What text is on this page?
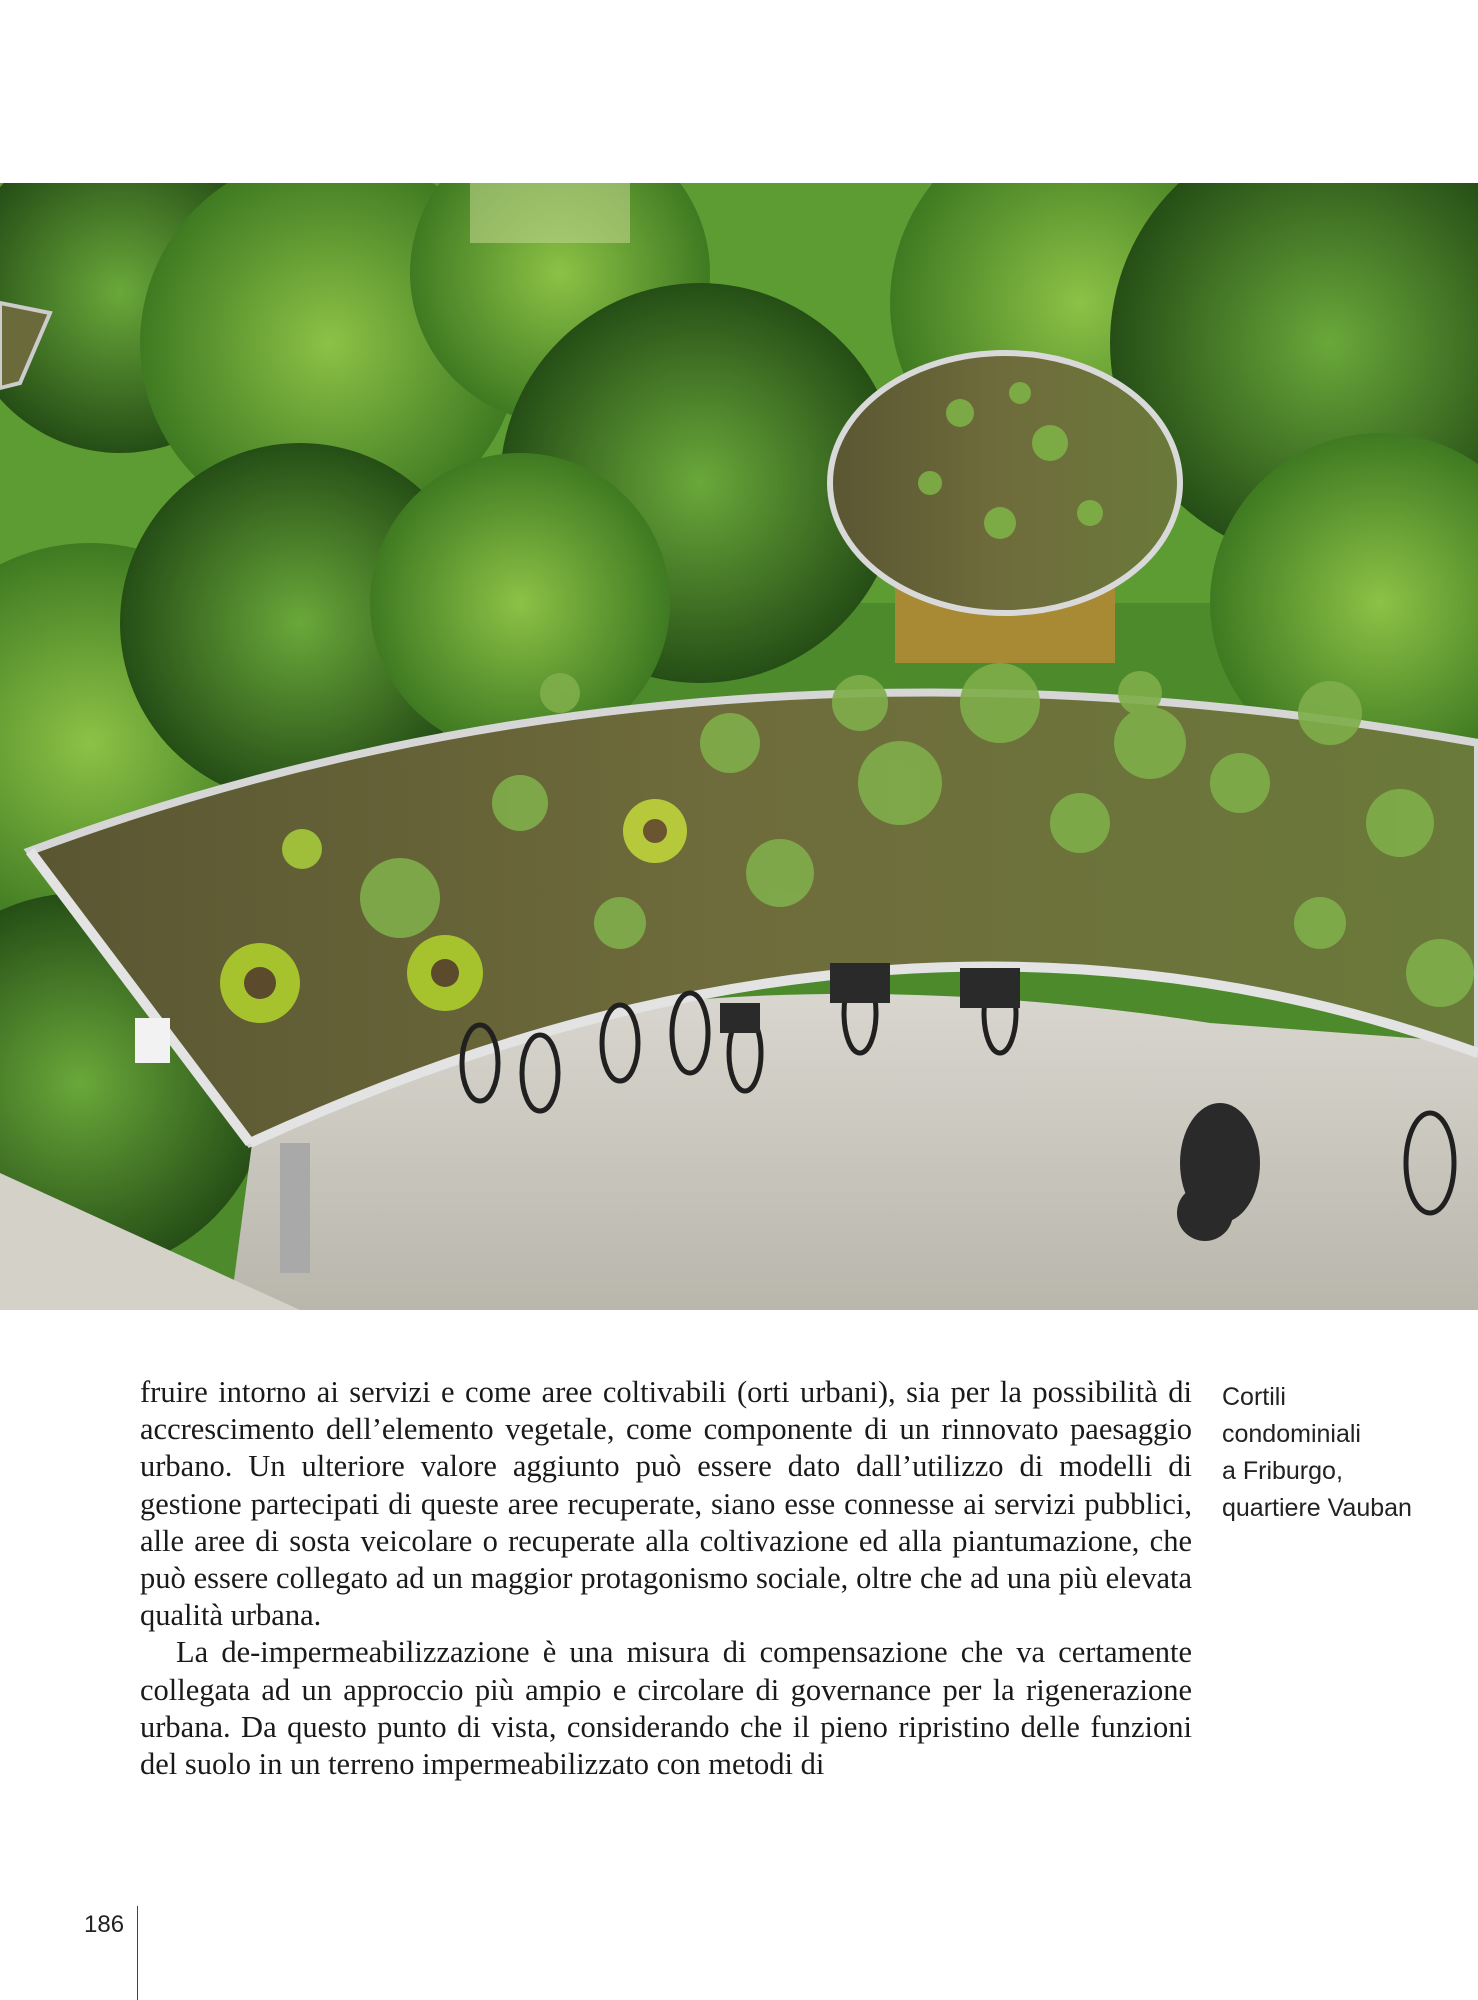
fruire intorno ai servizi e come aree coltivabili (orti urbani), sia per la possibilità di accrescimento dell’elemento vegetale, come componente di un rinnovato paesaggio urbano. Un ulteriore valore aggiunto può essere dato dall’utilizzo di modelli di gestione partecipati di queste aree recuperate, siano esse connesse ai servizi pubblici, alle aree di sosta veicolare o recuperate alla coltivazione ed alla piantumazione, che può essere collegato ad un maggior protagonismo sociale, oltre che ad una più elevata qualità urbana.

La de-impermeabilizzazione è una misura di compensazione che va certamente collegata ad un approccio più ampio e circolare di governance per la rigenerazione urbana. Da questo punto di vista, considerando che il pieno ripristino delle funzioni del suolo in un terreno impermeabilizzato con metodi di

Cortili
condominiali
a Friburgo,
quartiere Vauban
186
